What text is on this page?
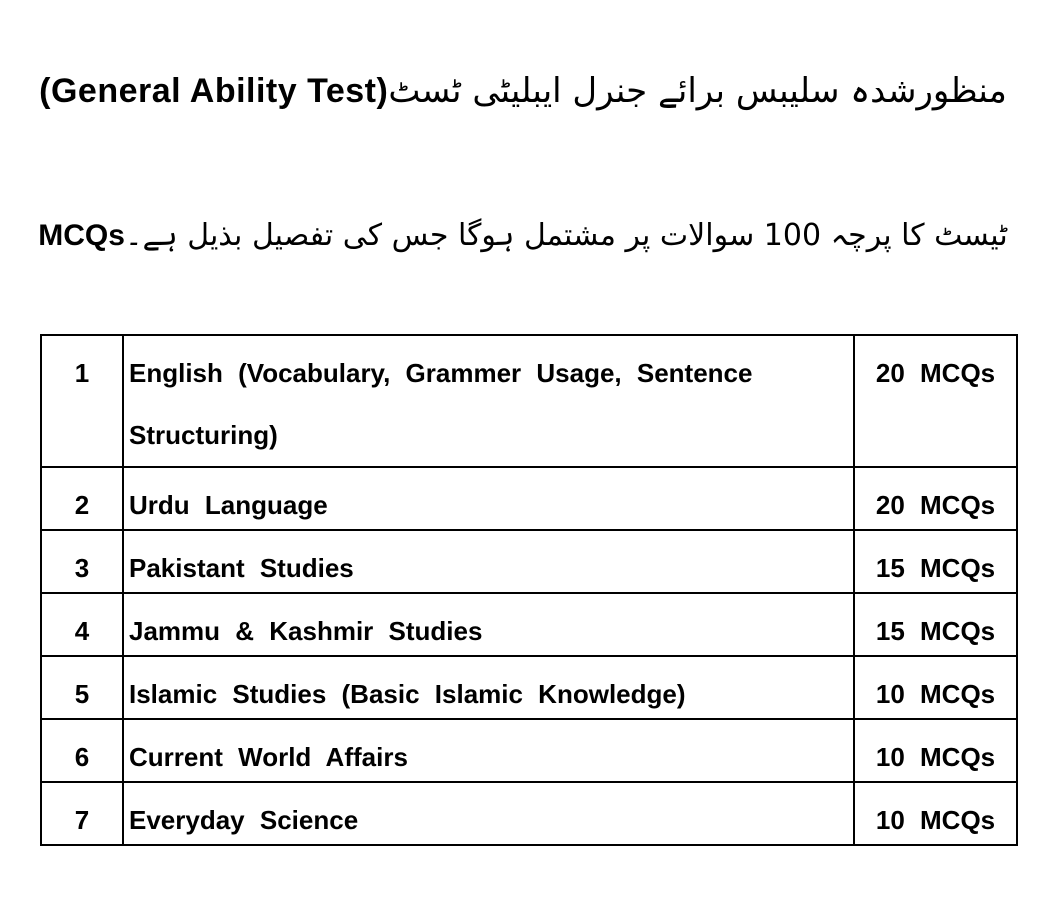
(General Ability Test)منظورشدہ سلیبس برائے جنرل ایبلیٹی ٹسٹ
ٹیسٹ کا پرچہ 100 سوالات پر مشتمل ہوگا جس کی تفصیل بذیل ہے۔MCQs
1	English (Vocabulary, Grammer Usage, Sentence Structuring)	20 MCQs

2	Urdu Language	20 MCQs

3	Pakistant Studies	15 MCQs

4	Jammu & Kashmir Studies	15 MCQs

5	Islamic Studies (Basic Islamic Knowledge)	10 MCQs

6	Current World Affairs	10 MCQs

7	Everyday Science	10 MCQs
